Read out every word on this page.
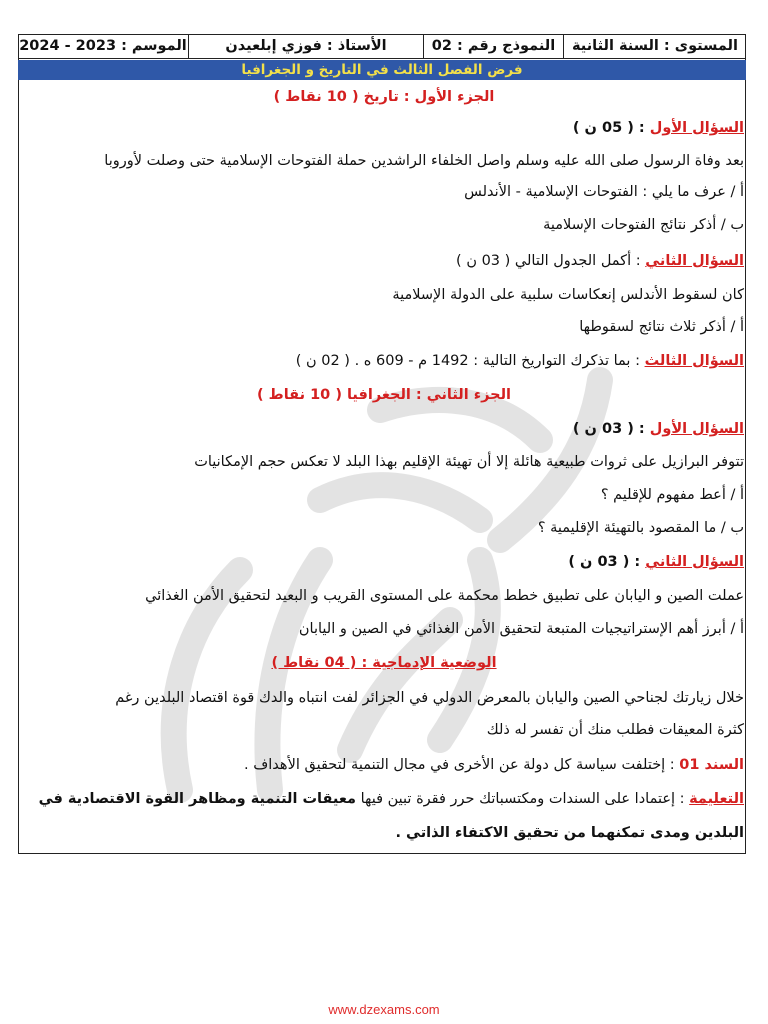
المستوى : السنة الثانية
النموذج رقم : 02
الأستاذ : فوزي إبلعيدن
الموسم : 2023 - 2024
فرض الفصل الثالث في التاريخ و الجغرافيا
الجزء الأول : تاريخ ( 10 نقاط )
السؤال الأول : ( 05 ن )
بعد وفاة الرسول صلى الله عليه وسلم واصل الخلفاء الراشدين حملة الفتوحات الإسلامية حتى وصلت لأوروبا
أ / عرف ما يلي : الفتوحات الإسلامية - الأندلس
ب / أذكر نتائج الفتوحات الإسلامية
السؤال الثاني : أكمل الجدول التالي ( 03 ن )
كان لسقوط الأندلس إنعكاسات سلبية على الدولة الإسلامية
أ / أذكر ثلاث نتائج لسقوطها
السؤال الثالث : بما تذكرك التواريخ التالية : 1492 م - 609 ه . ( 02 ن )
الجزء الثاني : الجغرافيا ( 10 نقاط )
السؤال الأول : ( 03 ن )
تتوفر البرازيل على ثروات طبيعية هائلة إلا أن تهيئة الإقليم بهذا البلد لا تعكس حجم الإمكانيات
أ / أعط مفهوم للإقليم ؟
ب / ما المقصود بالتهيئة الإقليمية ؟
السؤال الثاني : ( 03 ن )
عملت الصين و اليابان على تطبيق خطط محكمة على المستوى القريب و البعيد لتحقيق الأمن الغذائي
أ / أبرز أهم الإستراتيجيات المتبعة لتحقيق الأمن الغذائي في الصين و اليابان
الوضعية الإدماجية : ( 04 نقاط )
خلال زيارتك لجناحي الصين واليابان بالمعرض الدولي في الجزائر لفت انتباه والدك قوة اقتصاد البلدين رغم
كثرة المعيقات فطلب منك أن تفسر له ذلك
السند 01 : إختلفت سياسة كل دولة عن الأخرى في مجال التنمية لتحقيق الأهداف .
التعليمة : إعتمادا على السندات ومكتسباتك حرر فقرة تبين فيها معيقات التنمية ومظاهر القوة الاقتصادية في
البلدين ومدى تمكنهما من تحقيق الاكتفاء الذاتي .
www.dzexams.com
